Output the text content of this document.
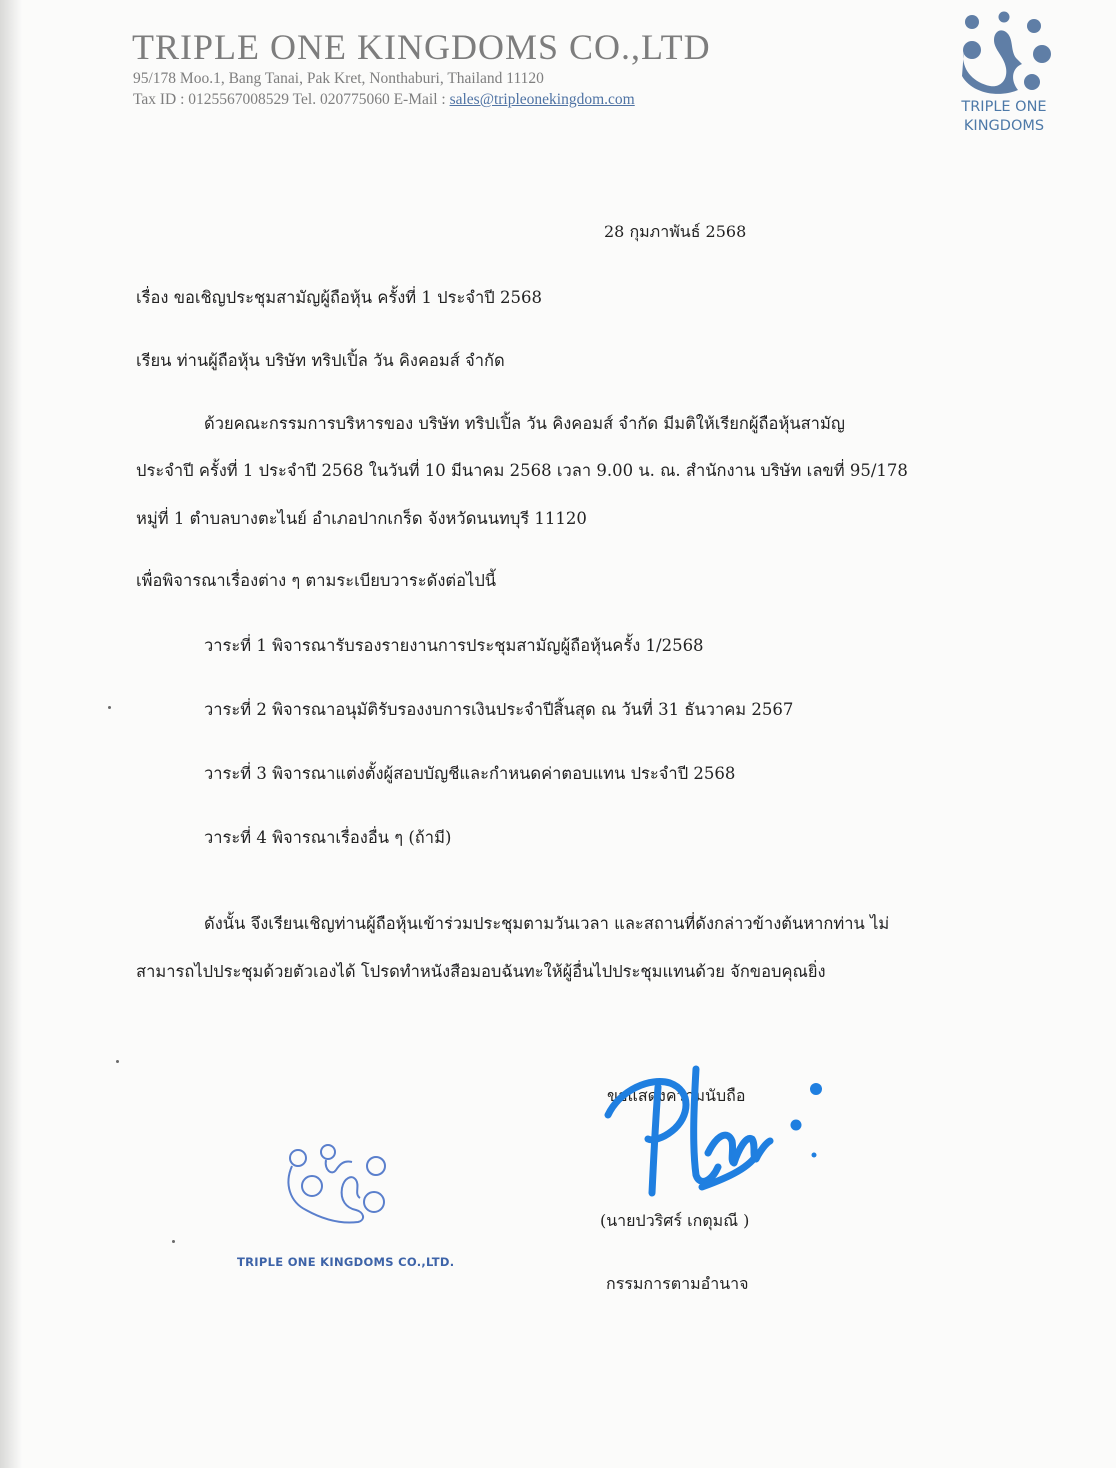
TRIPLE ONE KINGDOMS CO.,LTD
95/178 Moo.1, Bang Tanai, Pak Kret, Nonthaburi, Thailand 11120
Tax ID : 0125567008529 Tel. 020775060 E-Mail : sales@tripleonekingdom.com	TRIPLE ONE
KINGDOMS
28 กุมภาพันธ์ 2568
เรื่อง ขอเชิญประชุมสามัญผู้ถือหุ้น ครั้งที่ 1 ประจำปี 2568
เรียน ท่านผู้ถือหุ้น บริษัท ทริปเปิ้ล วัน คิงคอมส์ จำกัด
ด้วยคณะกรรมการบริหารของ บริษัท ทริปเปิ้ล วัน คิงคอมส์ จำกัด มีมติให้เรียกผู้ถือหุ้นสามัญ
ประจำปี ครั้งที่ 1 ประจำปี 2568 ในวันที่ 10 มีนาคม 2568 เวลา 9.00 น. ณ. สำนักงาน บริษัท เลขที่ 95/178
หมู่ที่ 1 ตำบลบางตะไนย์ อำเภอปากเกร็ด จังหวัดนนทบุรี 11120
เพื่อพิจารณาเรื่องต่าง ๆ ตามระเบียบวาระดังต่อไปนี้
วาระที่ 1 พิจารณารับรองรายงานการประชุมสามัญผู้ถือหุ้นครั้ง 1/2568
วาระที่ 2 พิจารณาอนุมัติรับรองงบการเงินประจำปีสิ้นสุด ณ วันที่ 31 ธันวาคม 2567
วาระที่ 3 พิจารณาแต่งตั้งผู้สอบบัญชีและกำหนดค่าตอบแทน ประจำปี 2568
วาระที่ 4 พิจารณาเรื่องอื่น ๆ (ถ้ามี)
ดังนั้น จึงเรียนเชิญท่านผู้ถือหุ้นเข้าร่วมประชุมตามวันเวลา และสถานที่ดังกล่าวข้างต้นหากท่าน ไม่
สามารถไปประชุมด้วยตัวเองได้ โปรดทำหนังสือมอบฉันทะให้ผู้อื่นไปประชุมแทนด้วย จักขอบคุณยิ่ง
ขอแสดงความนับถือ
TRIPLE ONE KINGDOMS CO.,LTD.
(นายปวริศร์ เกตุมณี )
กรรมการตามอำนาจ
